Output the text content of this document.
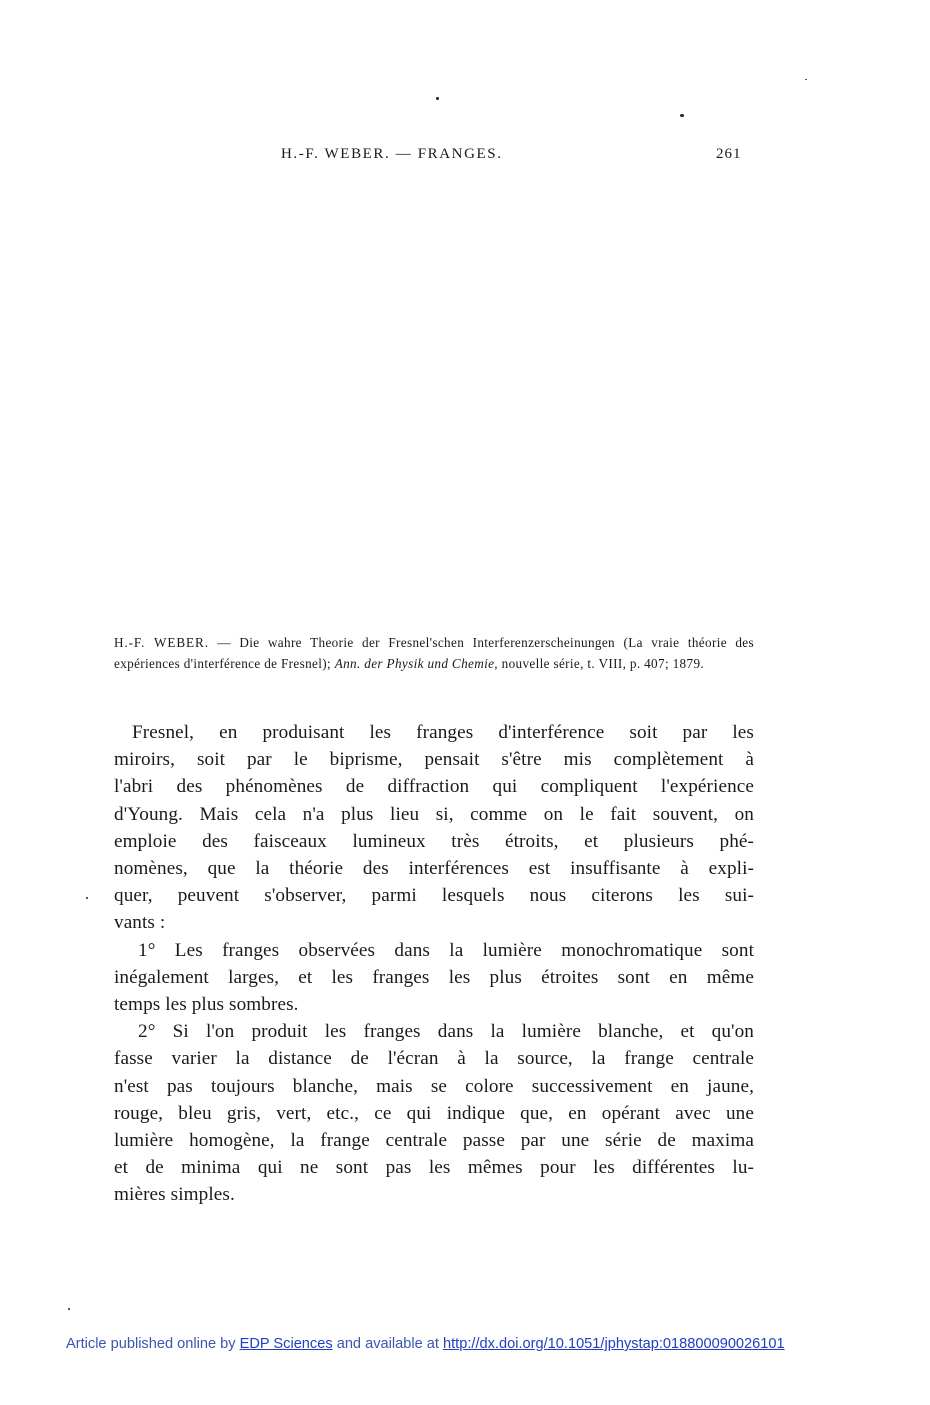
H.-F. WEBER. — FRANGES.	261
H.-F. WEBER. — Die wahre Theorie der Fresnel'schen Interferenzerscheinungen (La vraie théorie des expériences d'interférence de Fresnel); Ann. der Physik und Chemie, nouvelle série, t. VIII, p. 407; 1879.

Fresnel, en produisant les franges d'interférence soit par les
miroirs, soit par le biprisme, pensait s'être mis complètement à
l'abri des phénomènes de diffraction qui compliquent l'expérience
d'Young. Mais cela n'a plus lieu si, comme on le fait souvent, on
emploie des faisceaux lumineux très étroits, et plusieurs phé-
nomènes, que la théorie des interférences est insuffisante à expli-
quer, peuvent s'observer, parmi lesquels nous citerons les sui-
vants :

1° Les franges observées dans la lumière monochromatique sont
inégalement larges, et les franges les plus étroites sont en même
temps les plus sombres.

2° Si l'on produit les franges dans la lumière blanche, et qu'on
fasse varier la distance de l'écran à la source, la frange centrale
n'est pas toujours blanche, mais se colore successivement en jaune,
rouge, bleu gris, vert, etc., ce qui indique que, en opérant avec une
lumière homogène, la frange centrale passe par une série de maxima
et de minima qui ne sont pas les mêmes pour les différentes lu-
mières simples.

Article published online by EDP Sciences and available at http://dx.doi.org/10.1051/jphystap:018800090026101
